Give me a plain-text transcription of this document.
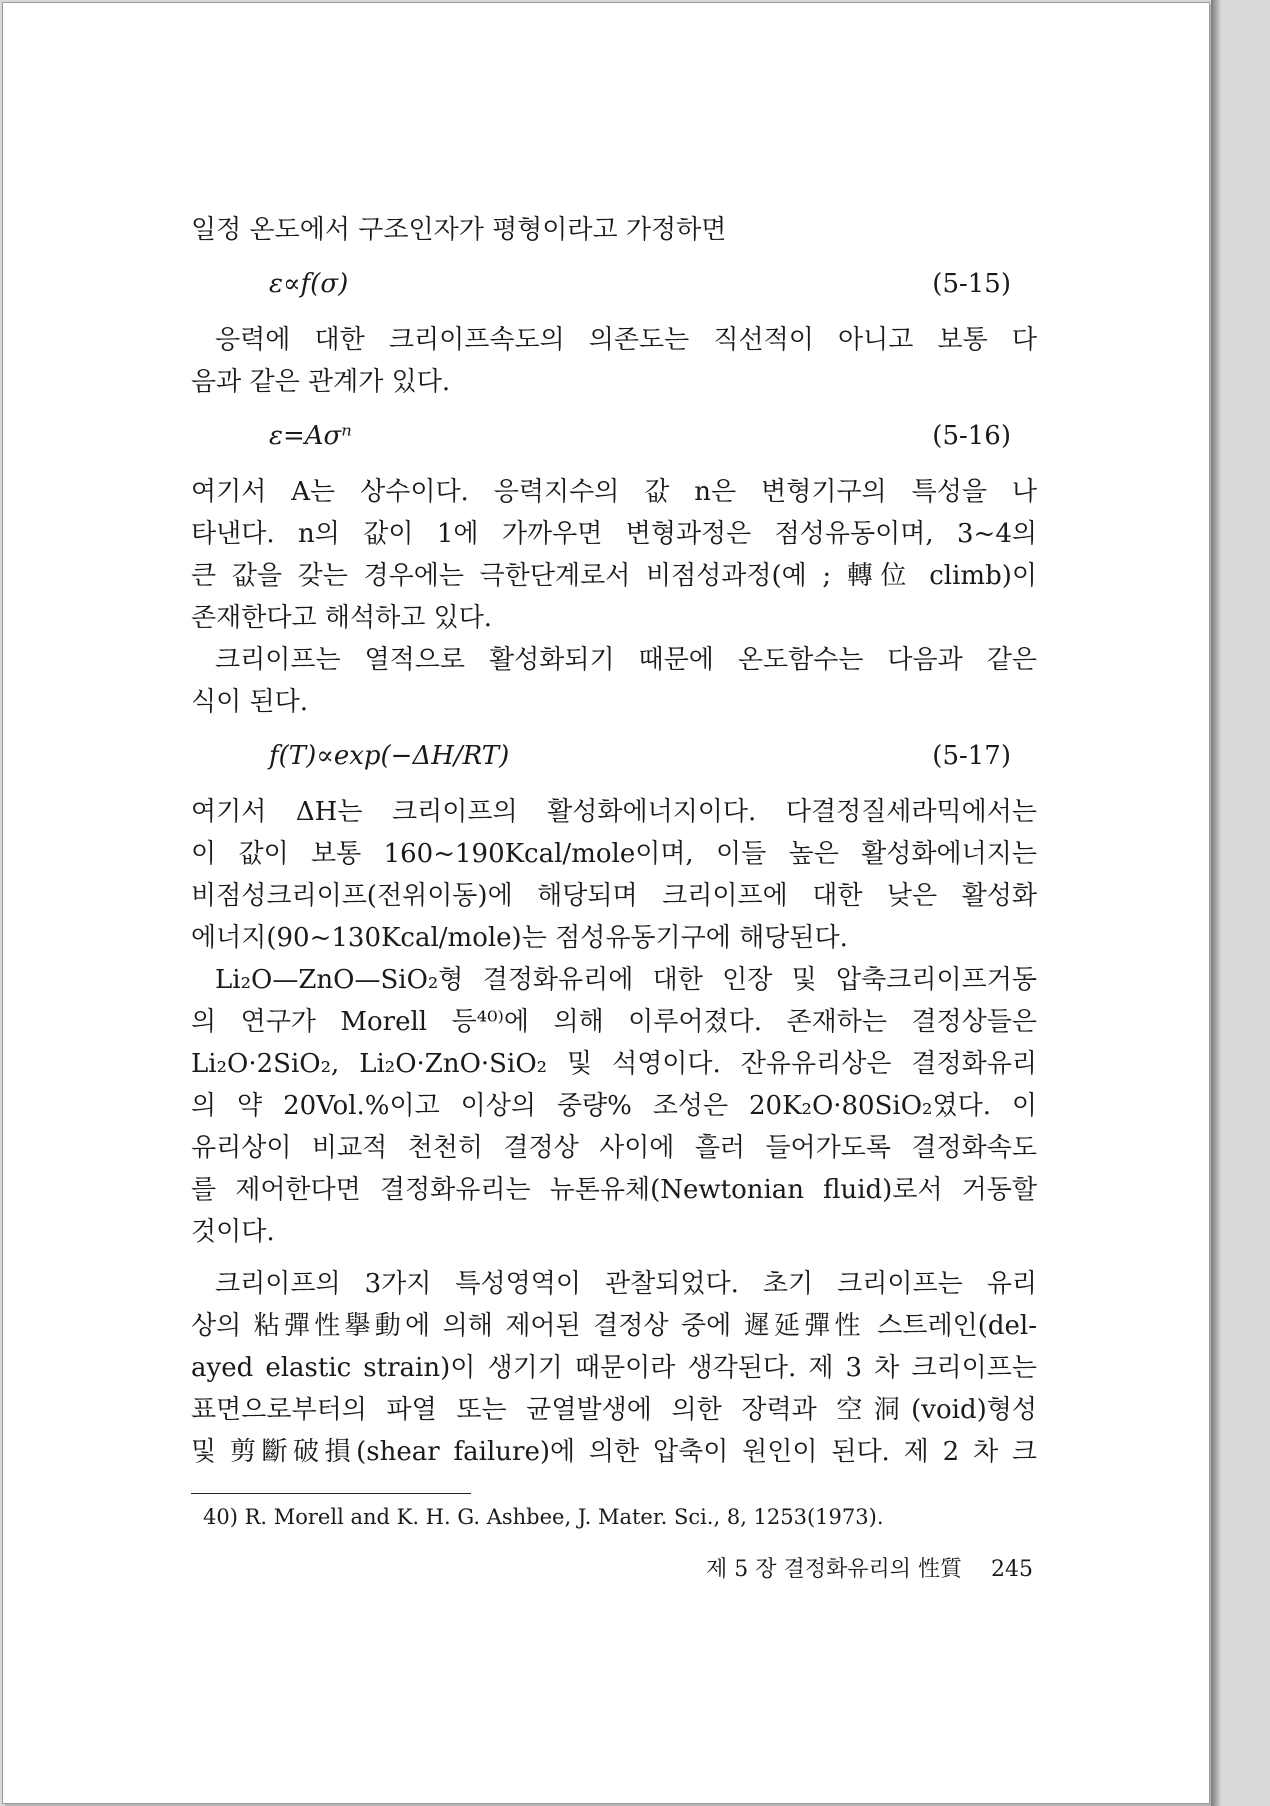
일정 온도에서 구조인자가 평형이라고 가정하면
ε∝f(σ)	(5-15)
응력에 대한 크리이프속도의 의존도는 직선적이 아니고 보통 다
음과 같은 관계가 있다.
ε=Aσⁿ	(5-16)
여기서 A는 상수이다. 응력지수의 값 n은 변형기구의 특성을 나
타낸다. n의 값이 1에 가까우면 변형과정은 점성유동이며, 3~4의
큰 값을 갖는 경우에는 극한단계로서 비점성과정(예 ; 轉位 climb)이
존재한다고 해석하고 있다.
크리이프는 열적으로 활성화되기 때문에 온도함수는 다음과 같은
식이 된다.
f(T)∝exp(−ΔH/RT)	(5-17)
여기서 ΔH는 크리이프의 활성화에너지이다. 다결정질세라믹에서는
이 값이 보통 160~190Kcal/mole이며, 이들 높은 활성화에너지는
비점성크리이프(전위이동)에 해당되며 크리이프에 대한 낮은 활성화
에너지(90~130Kcal/mole)는 점성유동기구에 해당된다.
Li₂O—ZnO—SiO₂형 결정화유리에 대한 인장 및 압축크리이프거동
의 연구가 Morell 등⁴⁰⁾에 의해 이루어졌다. 존재하는 결정상들은
Li₂O·2SiO₂, Li₂O·ZnO·SiO₂ 및 석영이다. 잔유유리상은 결정화유리
의 약 20Vol.%이고 이상의 중량% 조성은 20K₂O·80SiO₂였다. 이
유리상이 비교적 천천히 결정상 사이에 흘러 들어가도록 결정화속도
를 제어한다면 결정화유리는 뉴톤유체(Newtonian fluid)로서 거동할
것이다.
크리이프의 3가지 특성영역이 관찰되었다. 초기 크리이프는 유리
상의 粘彈性擧動에 의해 제어된 결정상 중에 遲延彈性 스트레인(del-
ayed elastic strain)이 생기기 때문이라 생각된다. 제 3 차 크리이프는
표면으로부터의 파열 또는 균열발생에 의한 장력과 空洞(void)형성
및 剪斷破損(shear failure)에 의한 압축이 원인이 된다. 제 2 차 크
40) R. Morell and K. H. G. Ashbee, J. Mater. Sci., 8, 1253(1973).
제 5 장 결정화유리의 性質 245
